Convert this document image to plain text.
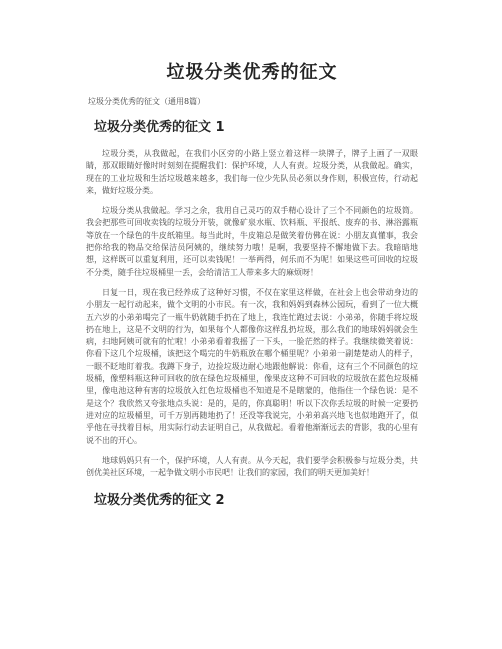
垃圾分类优秀的征文

垃圾分类优秀的征文（通用8篇）

垃圾分类优秀的征文 1

垃圾分类，从我做起，在我们小区旁的小路上竖立着这样一块牌子，牌子上画了一双眼睛，那双眼睛好像时时刻刻在提醒我们：保护环境，人人有责。垃圾分类，从我做起。确实，现在的工业垃圾和生活垃圾越来越多，我们每一位少先队员必须以身作则，积极宣传，行动起来，做好垃圾分类。

垃圾分类从我做起。学习之余，我用自己灵巧的双手精心设计了三个不同颜色的垃圾筒。我会把那些可回收卖钱的垃圾分开装，就像矿泉水瓶、饮料瓶、平报纸、废弃的书、淋浴露瓶等放在一个绿色的牛皮纸箱里。每当此时，牛皮箱总是做笑着仿佛在说：小朋友真懂事，我会把你给我的物品交给保洁员阿姨的，继续努力哦！是啊，我要坚持不懈地做下去。我暗暗地想，这样既可以重复利用，还可以卖钱呢！一举两得，何乐而不为呢！如果这些可回收的垃圾不分类，随手往垃圾桶里一丢，会给清洁工人带来多大的麻烦呀！

日复一日，现在我已经养成了这种好习惯，不仅在家里这样做，在社会上也会带动身边的小朋友一起行动起来，做个文明的小市民。有一次，我和妈妈到森林公园玩，看到了一位大概五六岁的小弟弟喝完了一瓶牛奶就随手扔在了地上，我连忙跑过去说：小弟弟，你随手将垃圾扔在地上，这是不文明的行为，如果每个人都像你这样乱扔垃圾，那么我们的地球妈妈就会生病，扫地阿姨可就有的忙啦！小弟弟看着我摇了一下头，一脸茫然的样子。我继续微笑着说：你看下这几个垃圾桶，该把这个喝完的牛奶瓶放在哪个桶里呢？小弟弟一副楚楚动人的样子，一眼不眨地盯着我。我蹲下身子，边捡垃圾边耐心地跟他解说：你看，这有三个不同颜色的垃圾桶，像塑料瓶这种可回收的放在绿色垃圾桶里，像果皮这种不可回收的垃圾放在蓝色垃圾桶里，像电池这种有害的垃圾放入红色垃圾桶也不知道是不是瞎蒙的，他指住一个绿色说：是不是这个？我欣然又夸张地点头说：是的，是的，你真聪明！听以下次你丢垃圾的时候一定要扔进对应的垃圾桶里，可千万别再随地扔了！还没等我说完，小弟弟高兴地飞也似地跑开了，似乎他在寻找着目标，用实际行动去证明自己，从我做起。看着他渐渐远去的背影，我的心里有说不出的开心。

地球妈妈只有一个，保护环境，人人有责。从今天起，我们要学会积极参与垃圾分类，共创优美社区环境，一起争做文明小市民吧！让我们的家园，我们的明天更加美好！

垃圾分类优秀的征文 2
